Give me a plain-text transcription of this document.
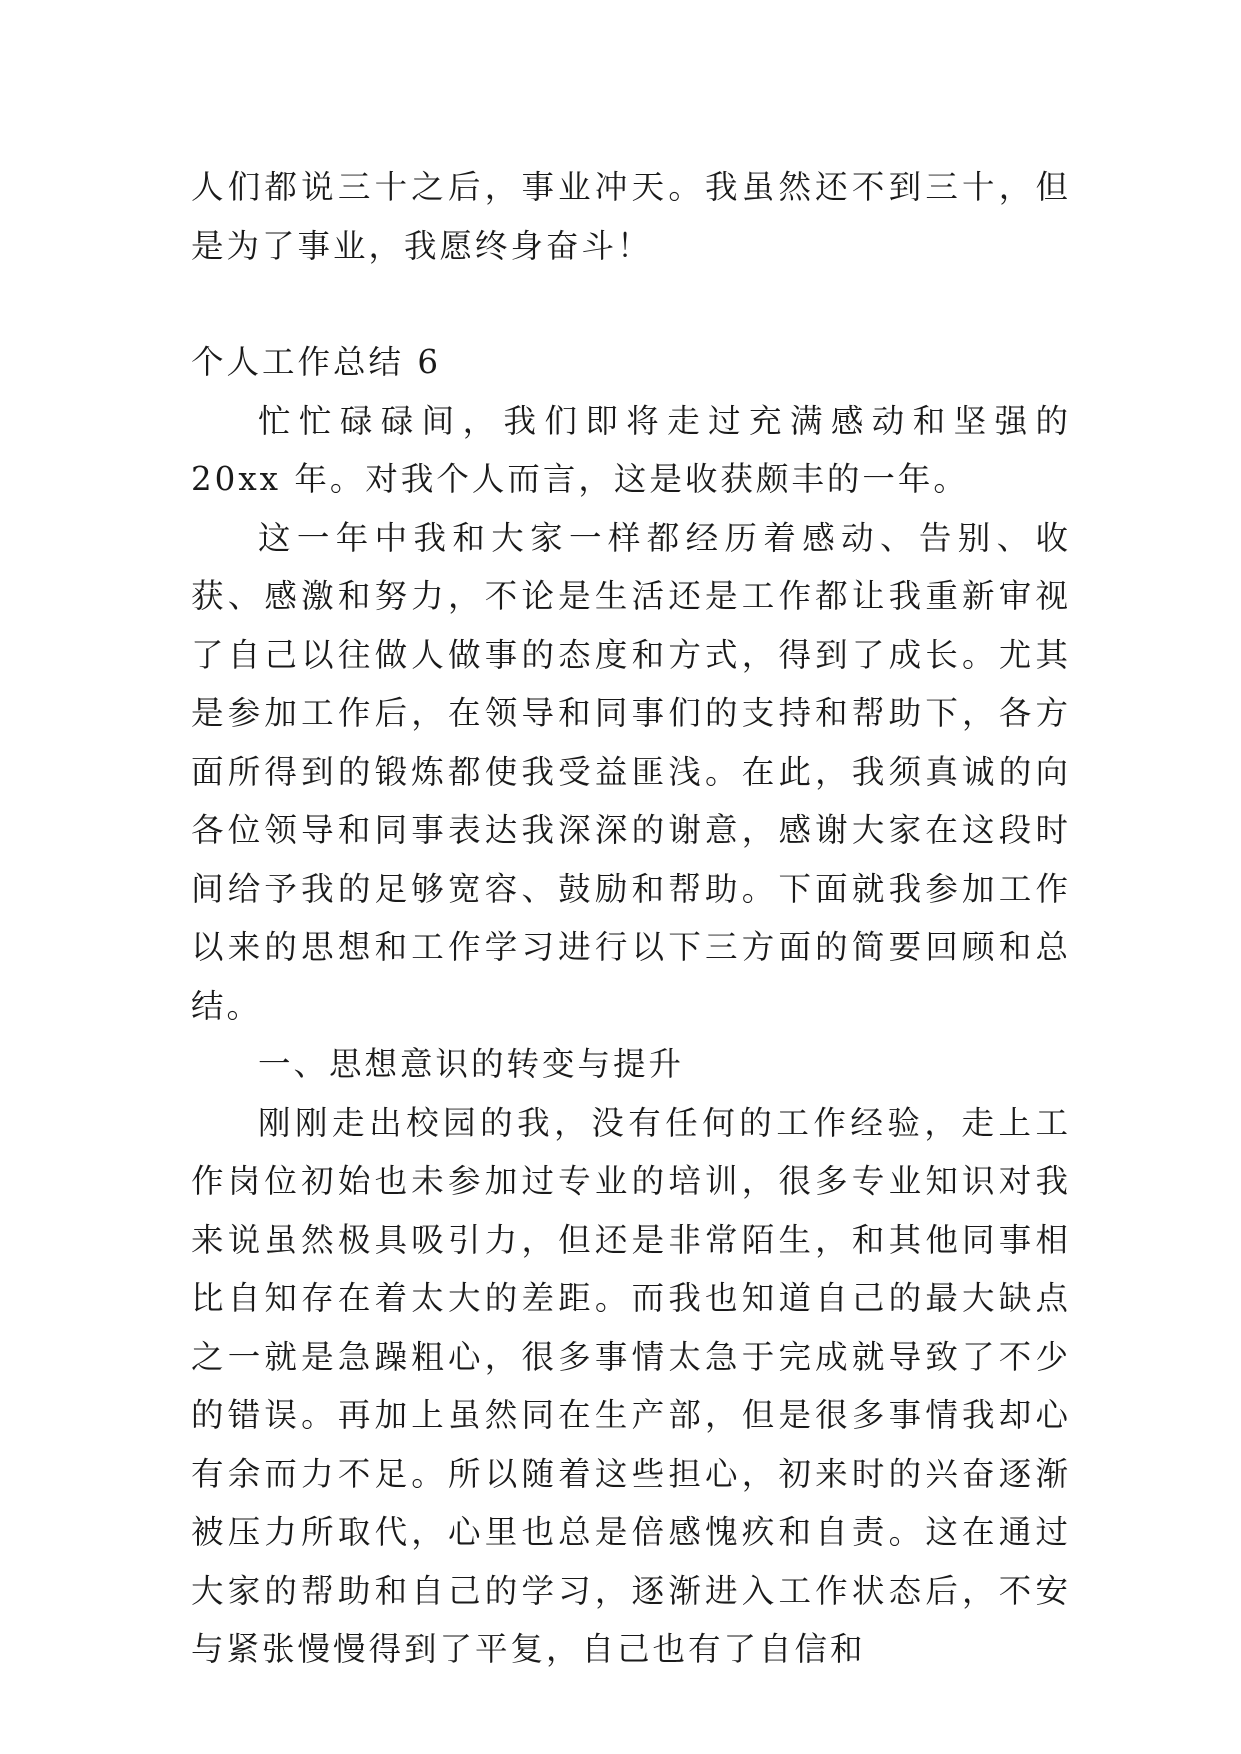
人们都说三十之后，事业冲天。我虽然还不到三十，但是为了事业，我愿终身奋斗！

个人工作总结 6

忙忙碌碌间，我们即将走过充满感动和坚强的 20xx 年。对我个人而言，这是收获颇丰的一年。

这一年中我和大家一样都经历着感动、告别、收获、感激和努力，不论是生活还是工作都让我重新审视了自己以往做人做事的态度和方式，得到了成长。尤其是参加工作后，在领导和同事们的支持和帮助下，各方面所得到的锻炼都使我受益匪浅。在此，我须真诚的向各位领导和同事表达我深深的谢意，感谢大家在这段时间给予我的足够宽容、鼓励和帮助。下面就我参加工作以来的思想和工作学习进行以下三方面的简要回顾和总结。

一、思想意识的转变与提升

刚刚走出校园的我，没有任何的工作经验，走上工作岗位初始也未参加过专业的培训，很多专业知识对我来说虽然极具吸引力，但还是非常陌生，和其他同事相比自知存在着太大的差距。而我也知道自己的最大缺点之一就是急躁粗心，很多事情太急于完成就导致了不少的错误。再加上虽然同在生产部，但是很多事情我却心有余而力不足。所以随着这些担心，初来时的兴奋逐渐被压力所取代，心里也总是倍感愧疚和自责。这在通过大家的帮助和自己的学习，逐渐进入工作状态后，不安与紧张慢慢得到了平复，自己也有了自信和
